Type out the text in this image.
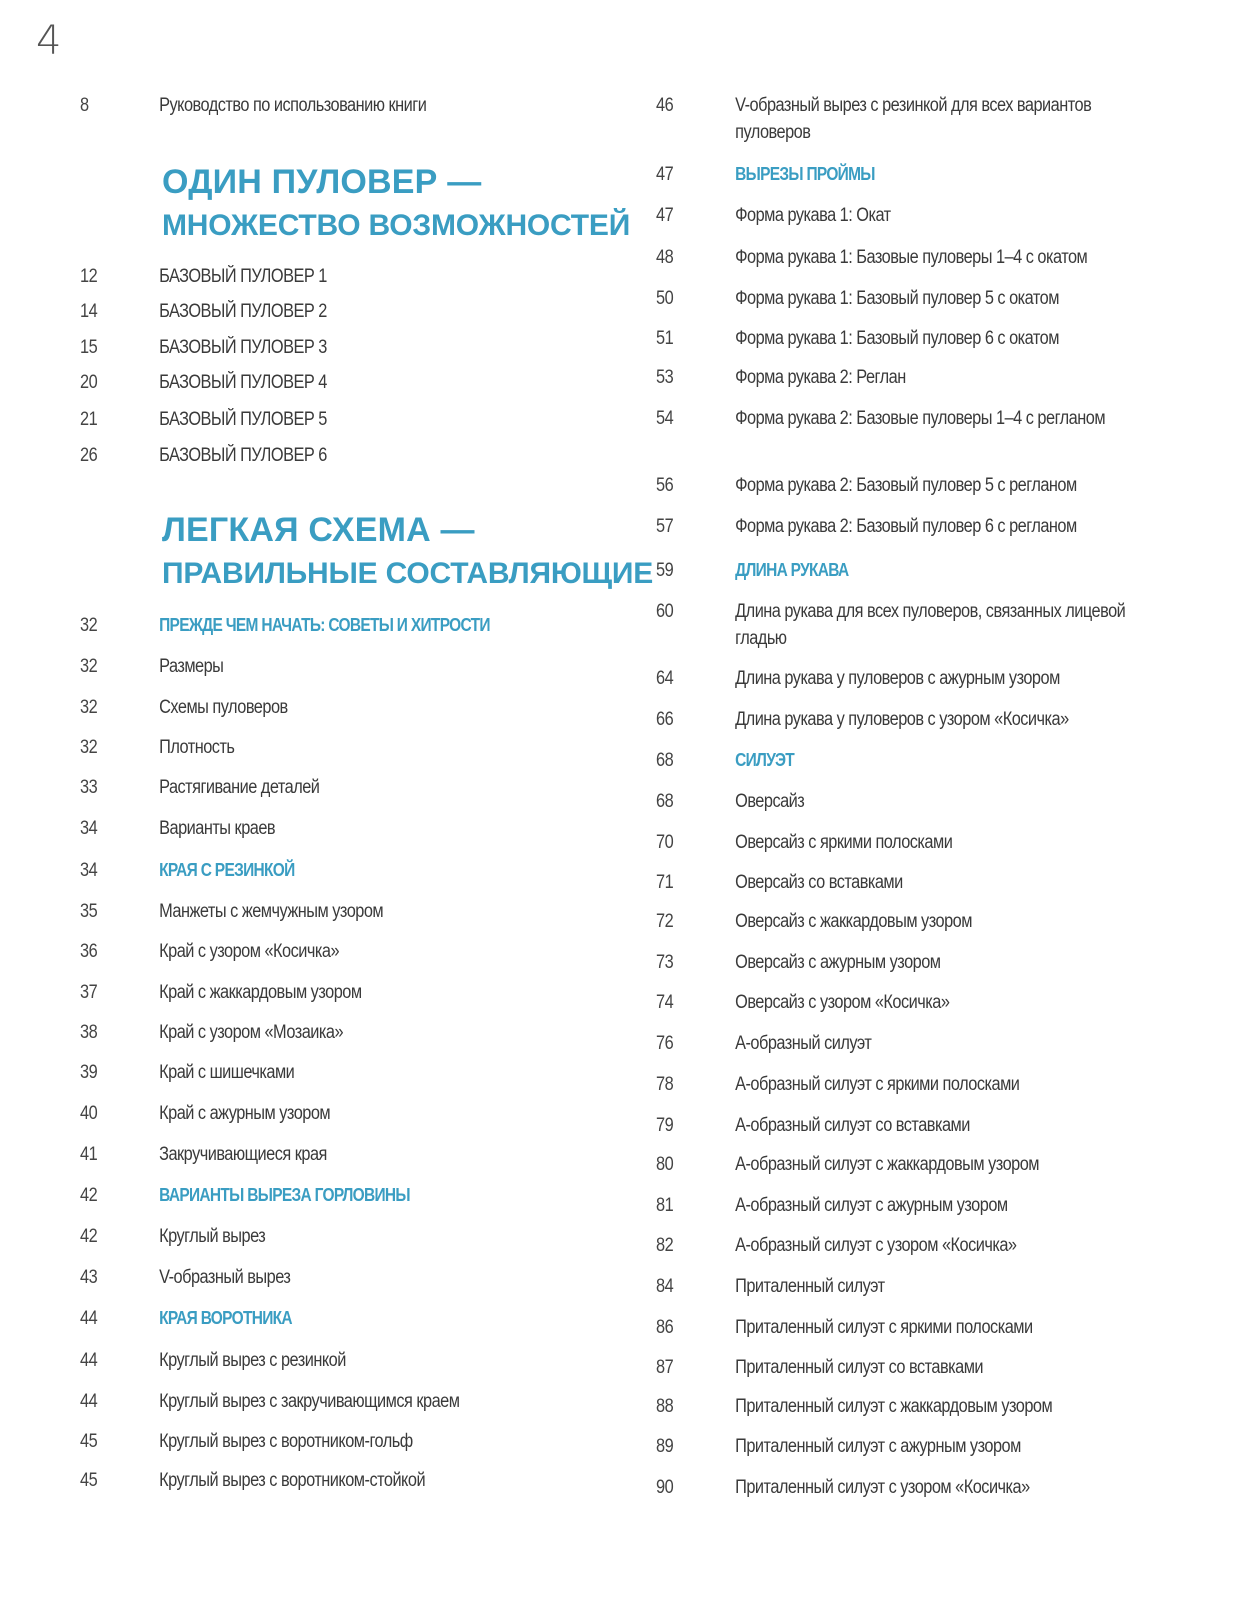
4
8	Руководство по использованию книги
ОДИН ПУЛОВЕР —
МНОЖЕСТВО ВОЗМОЖНОСТЕЙ
12	БАЗОВЫЙ ПУЛОВЕР 1
14	БАЗОВЫЙ ПУЛОВЕР 2
15	БАЗОВЫЙ ПУЛОВЕР 3
20	БАЗОВЫЙ ПУЛОВЕР 4
21	БАЗОВЫЙ ПУЛОВЕР 5
26	БАЗОВЫЙ ПУЛОВЕР 6
ЛЕГКАЯ СХЕМА —
ПРАВИЛЬНЫЕ СОСТАВЛЯЮЩИЕ
32	ПРЕЖДЕ ЧЕМ НАЧАТЬ: СОВЕТЫ И ХИТРОСТИ
32	Размеры
32	Схемы пуловеров
32	Плотность
33	Растягивание деталей
34	Варианты краев
34	КРАЯ С РЕЗИНКОЙ
35	Манжеты с жемчужным узором
36	Край с узором «Косичка»
37	Край с жаккардовым узором
38	Край с узором «Мозаика»
39	Край с шишечками
40	Край с ажурным узором
41	Закручивающиеся края
42	ВАРИАНТЫ ВЫРЕЗА ГОРЛОВИНЫ
42	Круглый вырез
43	V-образный вырез
44	КРАЯ ВОРОТНИКА
44	Круглый вырез с резинкой
44	Круглый вырез с закручивающимся краем
45	Круглый вырез с воротником-гольф
45	Круглый вырез с воротником-стойкой
46	V-образный вырез с резинкой для всех вариантов пуловеров
47	ВЫРЕЗЫ ПРОЙМЫ
47	Форма рукава 1: Окат
48	Форма рукава 1: Базовые пуловеры 1–4 с окатом
50	Форма рукава 1: Базовый пуловер 5 с окатом
51	Форма рукава 1: Базовый пуловер 6 с окатом
53	Форма рукава 2: Реглан
54	Форма рукава 2: Базовые пуловеры 1–4 с регланом
56	Форма рукава 2: Базовый пуловер 5 с регланом
57	Форма рукава 2: Базовый пуловер 6 с регланом
59	ДЛИНА РУКАВА
60	Длина рукава для всех пуловеров, связанных лицевой гладью
64	Длина рукава у пуловеров с ажурным узором
66	Длина рукава у пуловеров с узором «Косичка»
68	СИЛУЭТ
68	Оверсайз
70	Оверсайз с яркими полосками
71	Оверсайз со вставками
72	Оверсайз с жаккардовым узором
73	Оверсайз с ажурным узором
74	Оверсайз с узором «Косичка»
76	А-образный силуэт
78	А-образный силуэт с яркими полосками
79	А-образный силуэт со вставками
80	А-образный силуэт с жаккардовым узором
81	А-образный силуэт с ажурным узором
82	А-образный силуэт с узором «Косичка»
84	Приталенный силуэт
86	Приталенный силуэт с яркими полосками
87	Приталенный силуэт со вставками
88	Приталенный силуэт с жаккардовым узором
89	Приталенный силуэт с ажурным узором
90	Приталенный силуэт с узором «Косичка»
